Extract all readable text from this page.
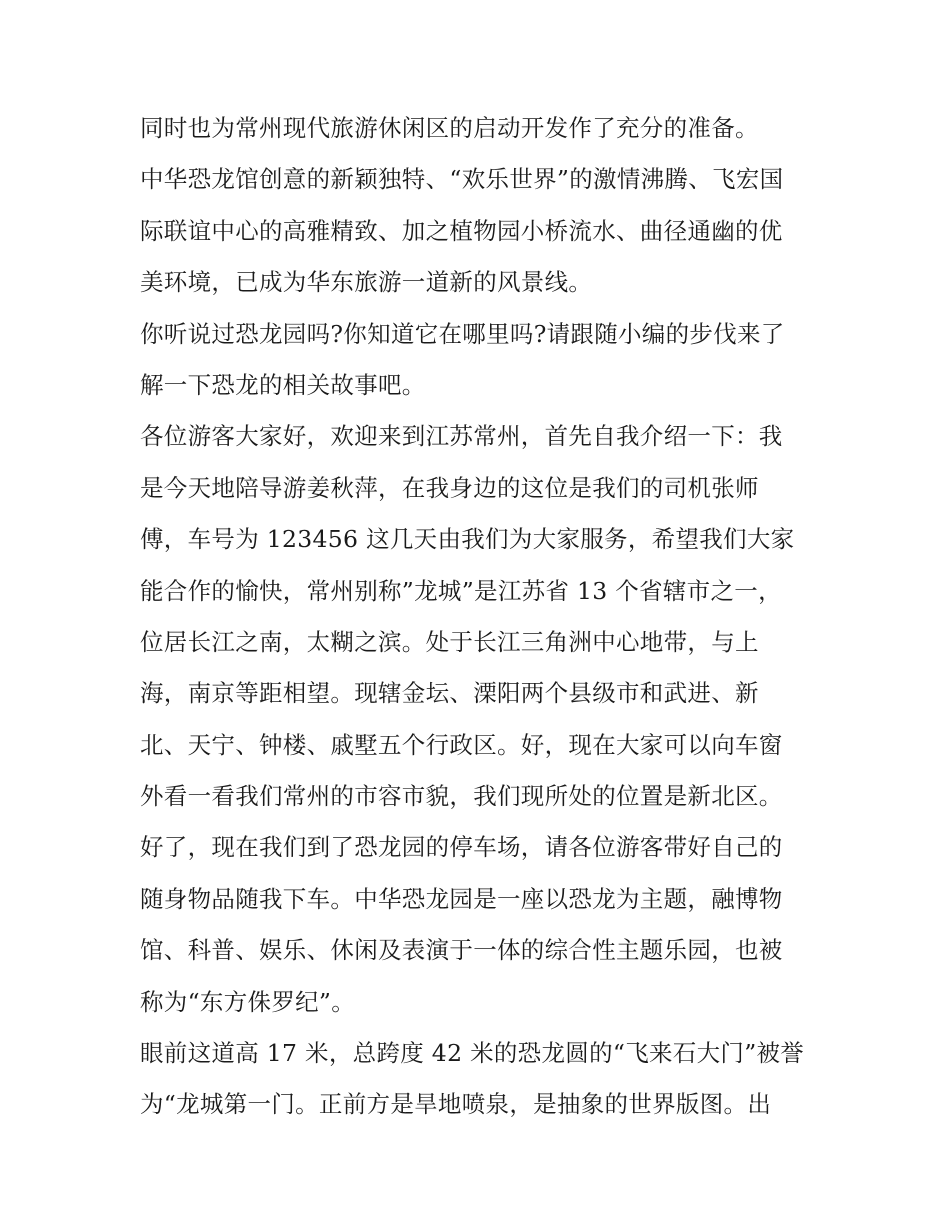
同时也为常州现代旅游休闲区的启动开发作了充分的准备。
中华恐龙馆创意的新颖独特、“欢乐世界”的激情沸腾、飞宏国
际联谊中心的高雅精致、加之植物园小桥流水、曲径通幽的优
美环境，已成为华东旅游一道新的风景线。
你听说过恐龙园吗?你知道它在哪里吗?请跟随小编的步伐来了
解一下恐龙的相关故事吧。
各位游客大家好，欢迎来到江苏常州，首先自我介绍一下：我
是今天地陪导游姜秋萍，在我身边的这位是我们的司机张师
傅，车号为 123456 这几天由我们为大家服务，希望我们大家
能合作的愉快，常州别称”龙城”是江苏省 13 个省辖市之一，
位居长江之南，太糊之滨。处于长江三角洲中心地带，与上
海，南京等距相望。现辖金坛、溧阳两个县级市和武进、新
北、天宁、钟楼、戚墅五个行政区。好，现在大家可以向车窗
外看一看我们常州的市容市貌，我们现所处的位置是新北区。
好了，现在我们到了恐龙园的停车场，请各位游客带好自己的
随身物品随我下车。中华恐龙园是一座以恐龙为主题，融博物
馆、科普、娱乐、休闲及表演于一体的综合性主题乐园，也被
称为“东方侏罗纪”。
眼前这道高 17 米，总跨度 42 米的恐龙圆的“飞来石大门”被誉
为“龙城第一门。正前方是旱地喷泉，是抽象的世界版图。出
